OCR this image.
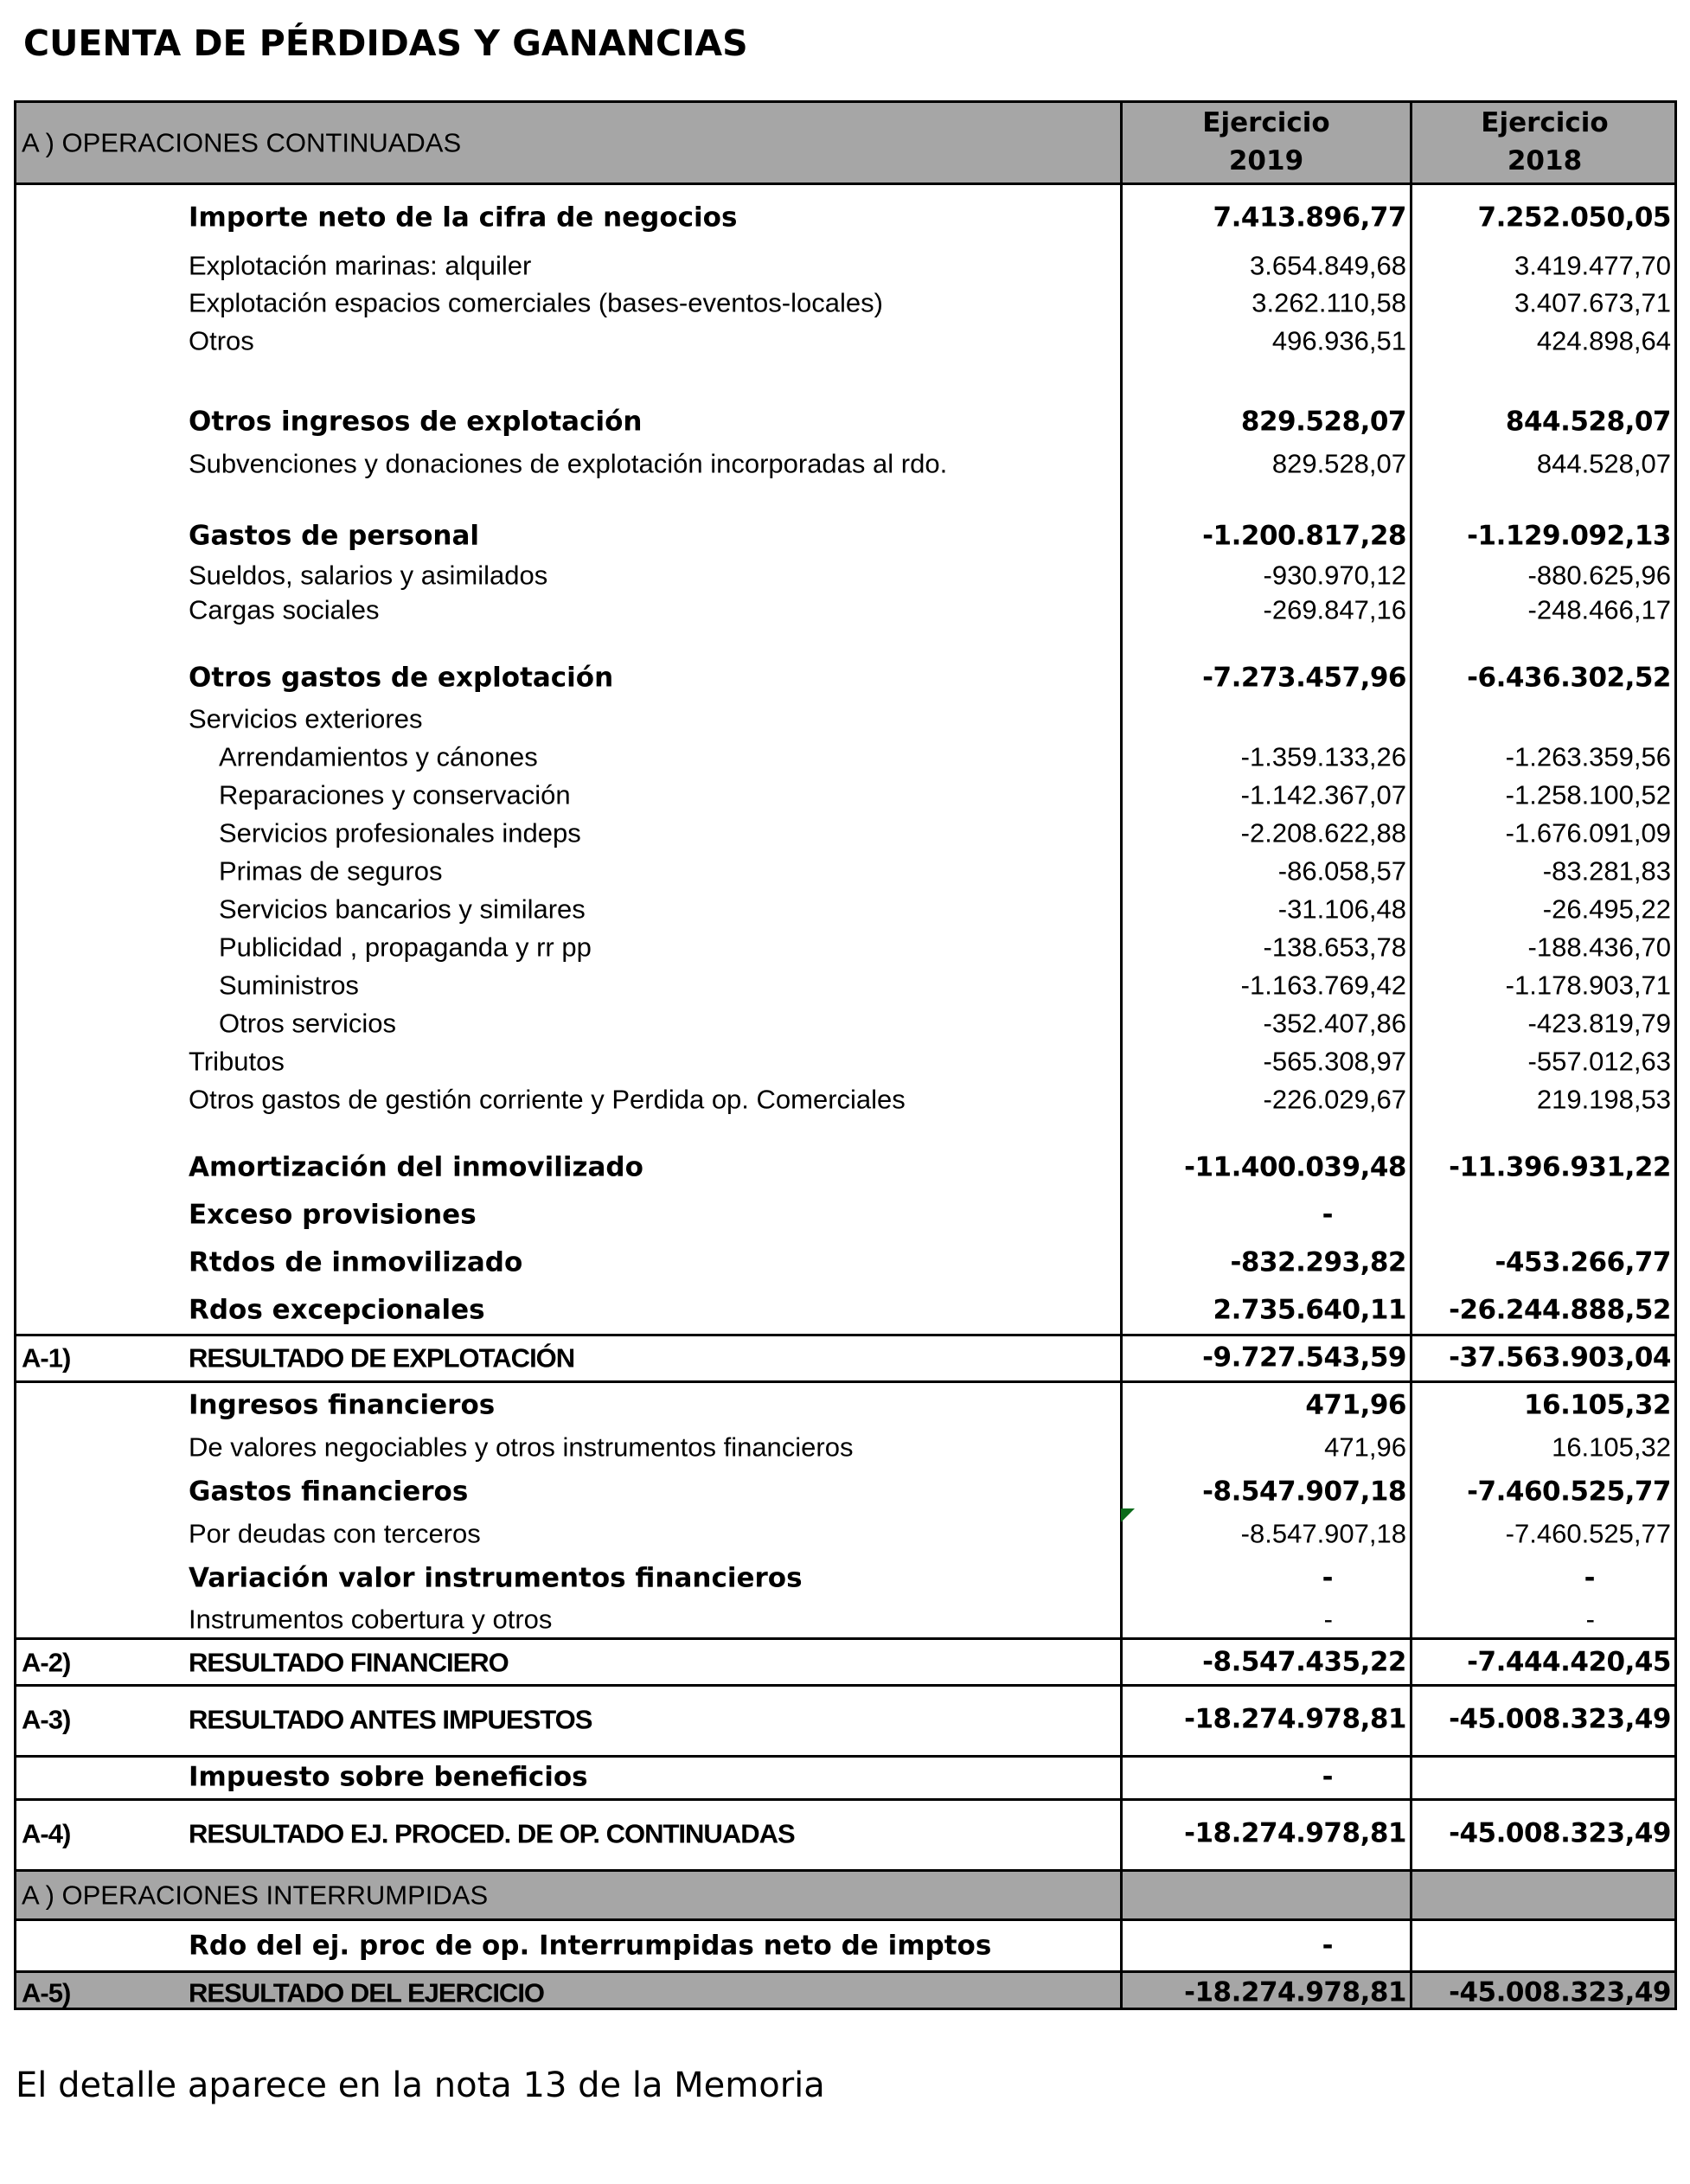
CUENTA DE PÉRDIDAS Y GANANCIAS
A ) OPERACIONES CONTINUADAS
Ejercicio
2019
Ejercicio
2018
Importe neto de la cifra de negocios	7.413.896,77	7.252.050,05
Explotación marinas: alquiler	3.654.849,68	3.419.477,70
Explotación espacios comerciales (bases-eventos-locales)	3.262.110,58	3.407.673,71
Otros	496.936,51	424.898,64
Otros ingresos de explotación	829.528,07	844.528,07
Subvenciones y donaciones de explotación incorporadas al rdo.	829.528,07	844.528,07
Gastos de personal	-1.200.817,28 -1.129.092,13
Sueldos, salarios y asimilados	-930.970,12	-880.625,96
Cargas sociales	-269.847,16	-248.466,17
Otros gastos de explotación	-7.273.457,96 -6.436.302,52
Servicios exteriores
Arrendamientos y cánones	-1.359.133,26	-1.263.359,56
Reparaciones y conservación	-1.142.367,07	-1.258.100,52
Servicios profesionales indeps	-2.208.622,88	-1.676.091,09
Primas de seguros	-86.058,57	-83.281,83
Servicios bancarios y similares	-31.106,48	-26.495,22
Publicidad , propaganda y rr pp	-138.653,78	-188.436,70
Suministros	-1.163.769,42	-1.178.903,71
Otros servicios	-352.407,86	-423.819,79
Tributos	-565.308,97	-557.012,63
Otros gastos de gestión corriente y Perdida op. Comerciales	-226.029,67	219.198,53
Amortización del inmovilizado	-11.400.039,48 -11.396.931,22
Exceso provisiones	-
Rtdos de inmovilizado	-832.293,82	-453.266,77
Rdos excepcionales	2.735.640,11 -26.244.888,52
A-1)	RESULTADO DE EXPLOTACIÓN	-9.727.543,59 -37.563.903,04
Ingresos financieros	471,96	16.105,32
De valores negociables y otros instrumentos financieros	471,96	16.105,32
Gastos financieros	-8.547.907,18 -7.460.525,77
Por deudas con terceros	-8.547.907,18	-7.460.525,77
Variación valor instrumentos financieros	-	-
Instrumentos cobertura y otros	-	-
A-2)	RESULTADO FINANCIERO	-8.547.435,22 -7.444.420,45
A-3)	RESULTADO ANTES IMPUESTOS	-18.274.978,81 -45.008.323,49
Impuesto sobre beneficios	-
A-4)	RESULTADO EJ. PROCED. DE OP. CONTINUADAS	-18.274.978,81 -45.008.323,49
A ) OPERACIONES INTERRUMPIDAS
Rdo del ej. proc de op. Interrumpidas neto de imptos	-
A-5)	RESULTADO DEL EJERCICIO	-18.274.978,81 -45.008.323,49
El detalle aparece en la nota 13 de la Memoria
